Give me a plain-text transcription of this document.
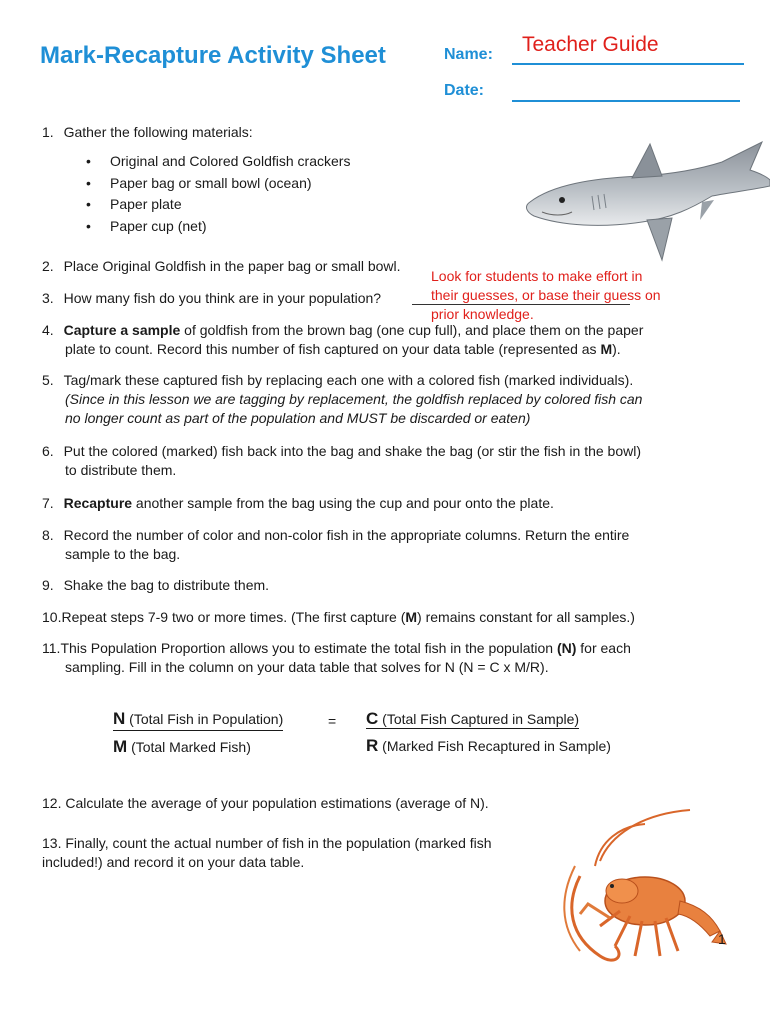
Mark-Recapture Activity Sheet	Name: Teacher Guide
Date:
1. Gather the following materials:
• Original and Colored Goldfish crackers
• Paper bag or small bowl (ocean)
• Paper plate
• Paper cup (net)
2. Place Original Goldfish in the paper bag or small bowl.
3. How many fish do you think are in your population?
Look for students to make effort in
their guesses, or base their guess on
prior knowledge.
4. Capture a sample of goldfish from the brown bag (one cup full), and place them on the paper
plate to count. Record this number of fish captured on your data table (represented as M).
5. Tag/mark these captured fish by replacing each one with a colored fish (marked individuals).
(Since in this lesson we are tagging by replacement, the goldfish replaced by colored fish can
no longer count as part of the population and MUST be discarded or eaten)
6. Put the colored (marked) fish back into the bag and shake the bag (or stir the fish in the bowl)
to distribute them.
7. Recapture another sample from the bag using the cup and pour onto the plate.
8. Record the number of color and non-color fish in the appropriate columns. Return the entire
sample to the bag.
9. Shake the bag to distribute them.
10.Repeat steps 7-9 two or more times. (The first capture (M) remains constant for all samples.)
11.This Population Proportion allows you to estimate the total fish in the population (N) for each
sampling. Fill in the column on your data table that solves for N (N = C x M/R).
N (Total Fish in Population)
M (Total Marked Fish)
= C (Total Fish Captured in Sample)
R (Marked Fish Recaptured in Sample)
12. Calculate the average of your population estimations (average of N).
13. Finally, count the actual number of fish in the population (marked fish
included!) and record it on your data table.
1
